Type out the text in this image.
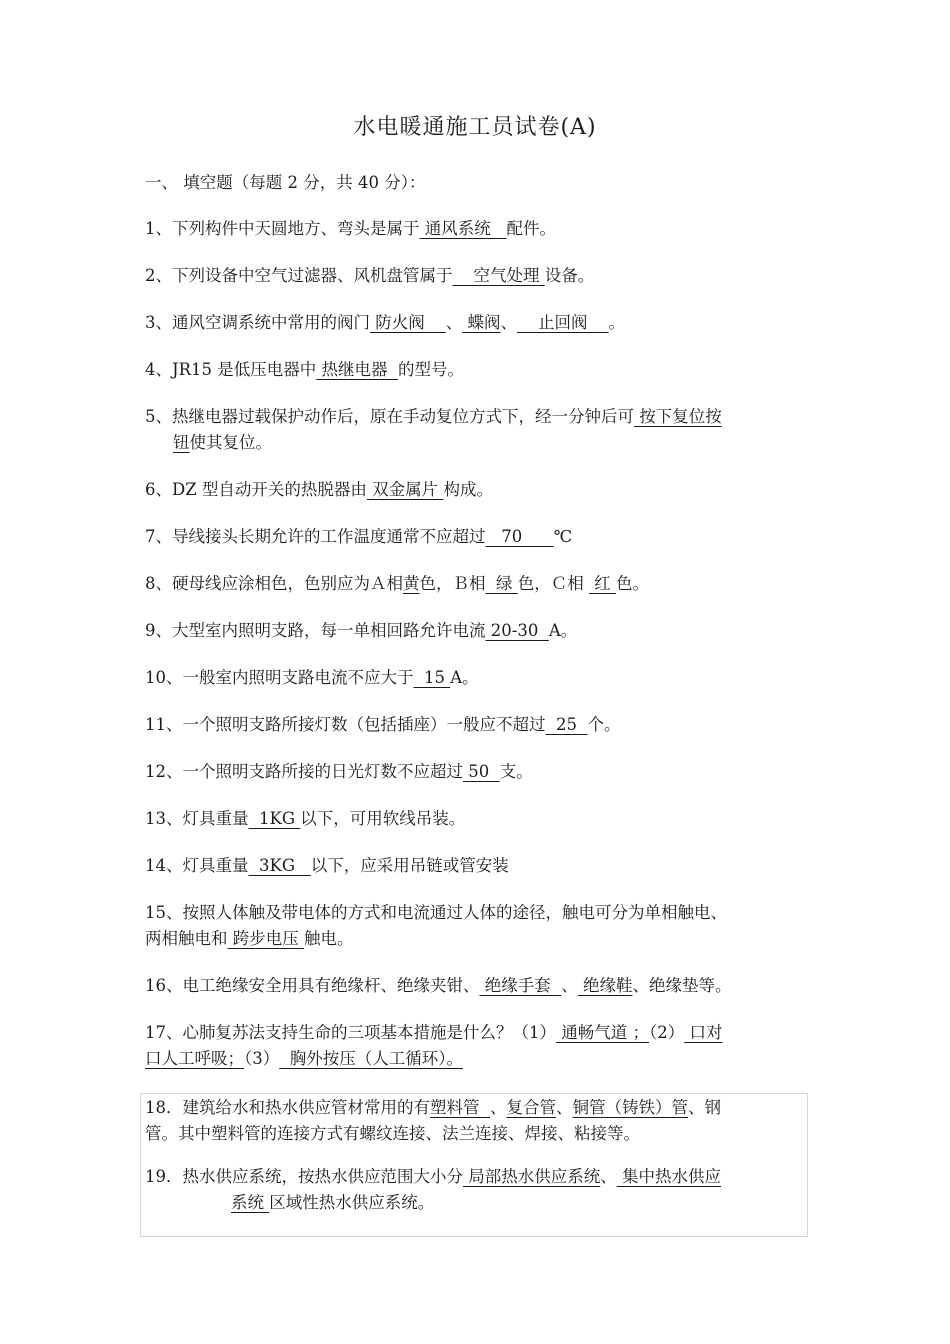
水电暖通施工员试卷(A)
一、 填空题（每题 2 分，共 40 分）：
1、下列构件中天圆地方、弯头是属于 通风系统   配件。
2、下列设备中空气过滤器、风机盘管属于    空气处理 设备。
3、通风空调系统中常用的阀门 防火阀    、 蝶阀、    止回阀    。
4、JR15 是低压电器中 热继电器  的型号。
5、热继电器过载保护动作后，原在手动复位方式下，经一分钟后可 按下复位按
钮使其复位。
6、DZ 型自动开关的热脱器由 双金属片 构成。
7、导线接头长期允许的工作温度通常不应超过   70      ℃
8、硬母线应涂相色，色别应为Ａ相黄色，Ｂ相  绿 色，Ｃ相  红 色。
9、大型室内照明支路，每一单相回路允许电流 20-30  A。
10、一般室内照明支路电流不应大于  15 A。
11、一个照明支路所接灯数（包括插座）一般应不超过  25  个。
12、一个照明支路所接的日光灯数不应超过 50  支。
13、灯具重量  1KG 以下，可用软线吊装。
14、灯具重量  3KG   以下，应采用吊链或管安装
15、按照人体触及带电体的方式和电流通过人体的途径，触电可分为单相触电、
两相触电和 跨步电压 触电。
16、电工绝缘安全用具有绝缘杆、绝缘夹钳、 绝缘手套  、 绝缘鞋、绝缘垫等。
17、心肺复苏法支持生命的三项基本措施是什么？（1） 通畅气道 ；（2） 口对
口人工呼吸；（3）  胸外按压（人工循环）。
18．建筑给水和热水供应管材常用的有塑料管  、复合管、铜管（铸铁）管、钢
管。其中塑料管的连接方式有螺纹连接、法兰连接、焊接、粘接等。
19．热水供应系统，按热水供应范围大小分 局部热水供应系统、 集中热水供应
系统 区域性热水供应系统。
